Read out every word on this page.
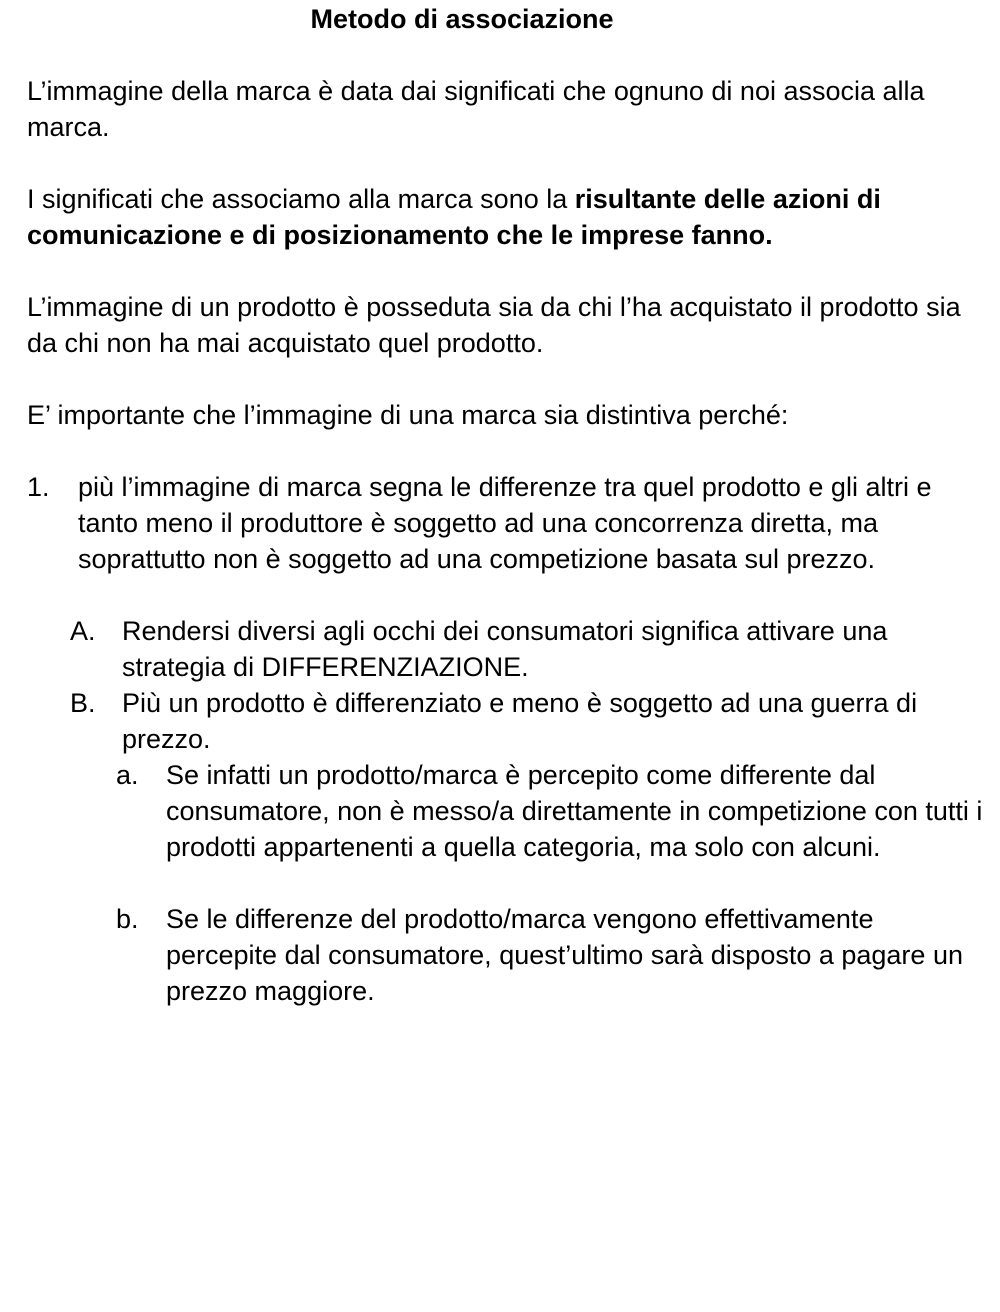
Metodo di associazione

L’immagine della marca è data dai significati che ognuno di noi associa alla marca.

I significati che associamo alla marca sono la risultante delle azioni di comunicazione e di posizionamento che le imprese fanno.

L’immagine di un prodotto è posseduta sia da chi l’ha acquistato il prodotto sia da chi non ha mai acquistato quel prodotto.

E’ importante che l’immagine di una marca sia distintiva perché:

1. più l’immagine di marca segna le differenze tra quel prodotto e gli altri e tanto meno il produttore è soggetto ad una concorrenza diretta, ma soprattutto non è soggetto ad una competizione basata sul prezzo.
A. Rendersi diversi agli occhi dei consumatori significa attivare una strategia di DIFFERENZIAZIONE.
B. Più un prodotto è differenziato e meno è soggetto ad una guerra di prezzo.
a. Se infatti un prodotto/marca è percepito come differente dal consumatore, non è messo/a direttamente in competizione con tutti i prodotti appartenenti a quella categoria, ma solo con alcuni.
b. Se le differenze del prodotto/marca vengono effettivamente percepite dal consumatore, quest’ultimo sarà disposto a pagare un prezzo maggiore.
